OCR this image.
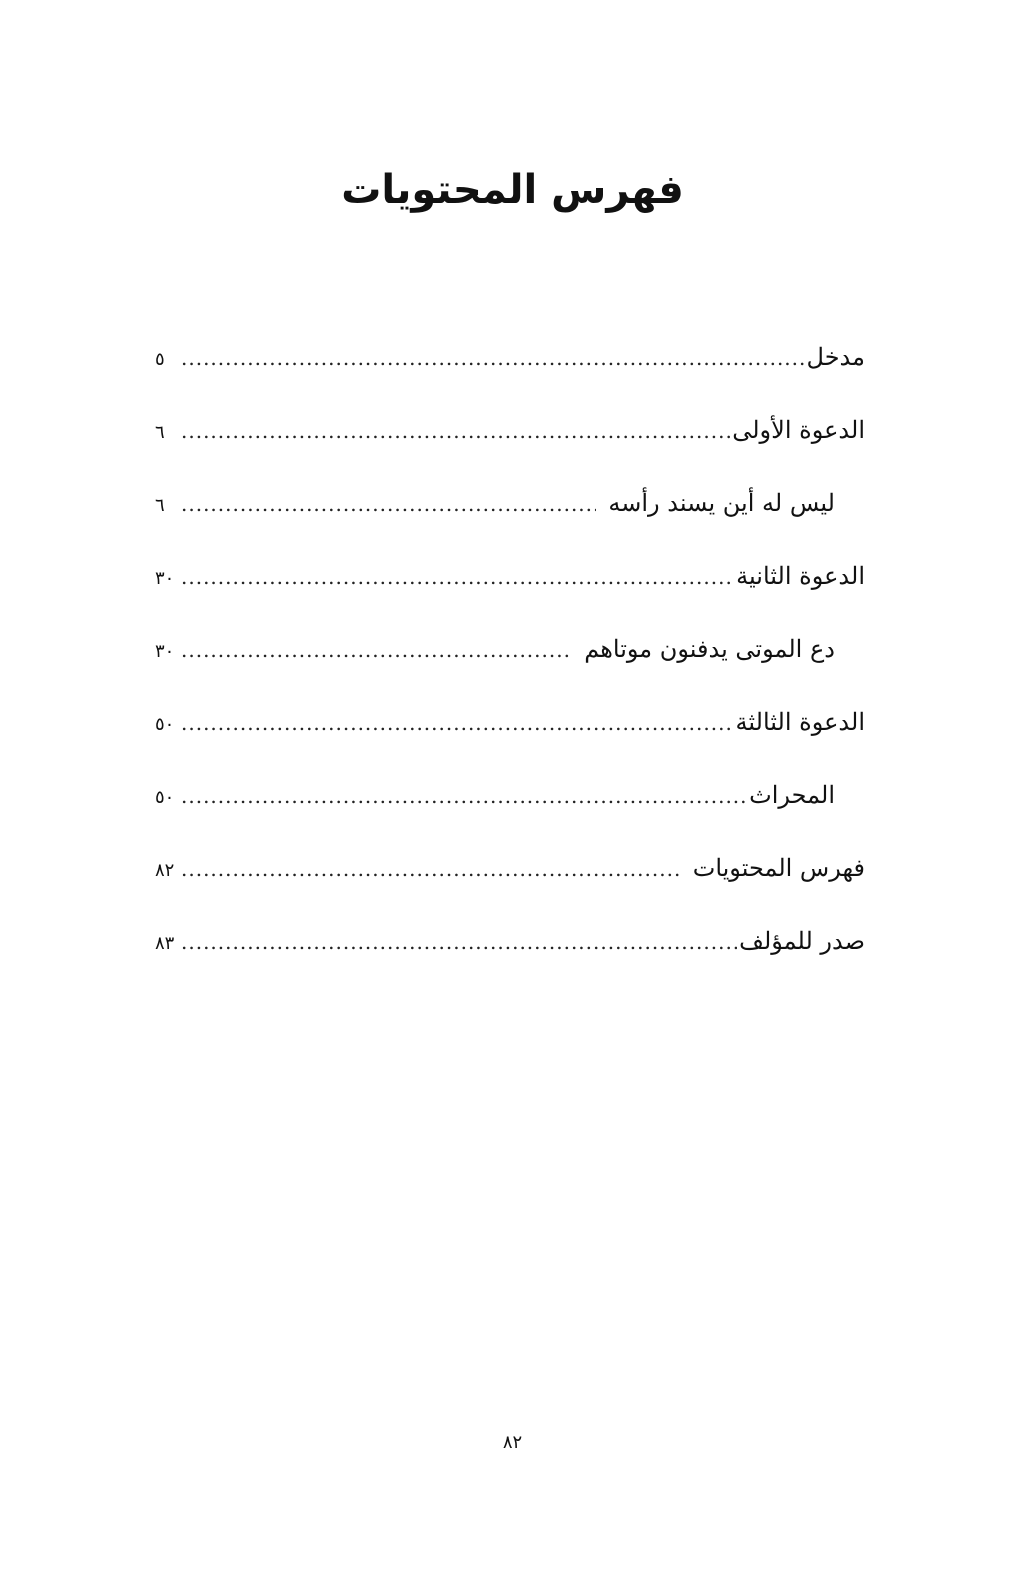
فهرس المحتويات
مدخل
.....
٥
الدعوة الأولى
.....
٦
ليس له أين يسند رأسه
.....
٦
الدعوة الثانية
.....
٣٠
دع الموتى يدفنون موتاهم
.....
٣٠
الدعوة الثالثة
.....
٥٠
المحراث
.....
٥٠
فهرس المحتويات
.....
٨٢
صدر للمؤلف
.....
٨٣
٨٢
